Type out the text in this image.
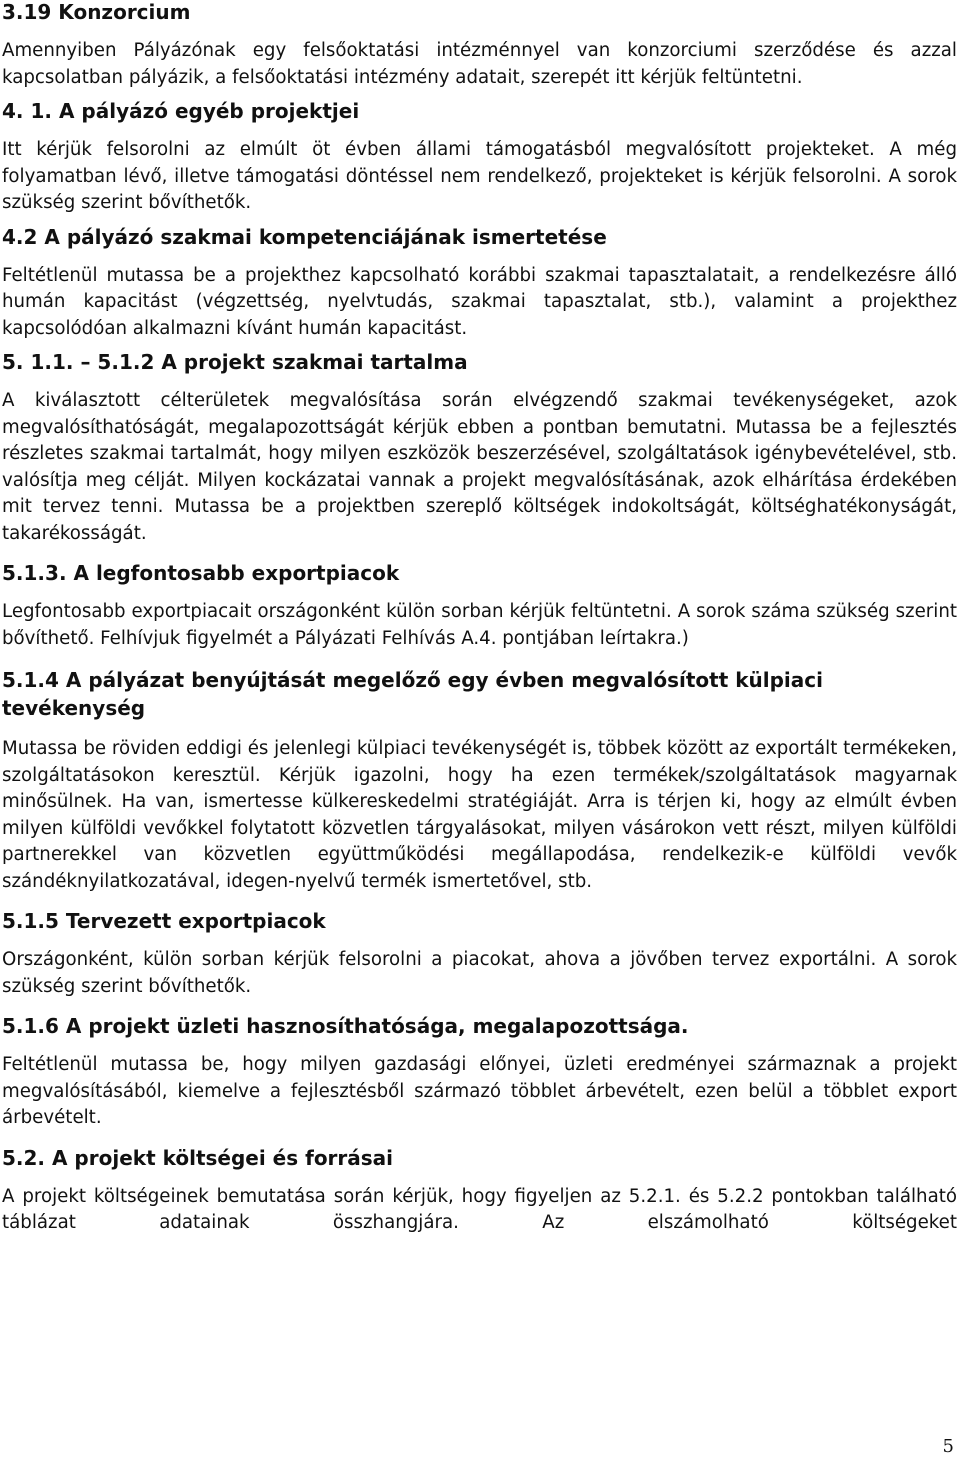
3.19 Konzorcium

Amennyiben Pályázónak egy felsőoktatási intézménnyel van konzorciumi szerződése és azzal kapcsolatban pályázik, a felsőoktatási intézmény adatait, szerepét itt kérjük feltüntetni.

4. 1. A pályázó egyéb projektjei

Itt kérjük felsorolni az elmúlt öt évben állami támogatásból megvalósított projekteket. A még folyamatban lévő, illetve támogatási döntéssel nem rendelkező, projekteket is kérjük felsorolni. A sorok szükség szerint bővíthetők.

4.2 A pályázó szakmai kompetenciájának ismertetése

Feltétlenül mutassa be a projekthez kapcsolható korábbi szakmai tapasztalatait, a rendelkezésre álló humán kapacitást (végzettség, nyelvtudás, szakmai tapasztalat, stb.), valamint a projekthez kapcsolódóan alkalmazni kívánt humán kapacitást.

5. 1.1. – 5.1.2 A projekt szakmai tartalma

A kiválasztott célterületek megvalósítása során elvégzendő szakmai tevékenységeket, azok megvalósíthatóságát, megalapozottságát kérjük ebben a pontban bemutatni. Mutassa be a fejlesztés részletes szakmai tartalmát, hogy milyen eszközök beszerzésével, szolgáltatások igénybevételével, stb. valósítja meg célját. Milyen kockázatai vannak a projekt megvalósításának, azok elhárítása érdekében mit tervez tenni. Mutassa be a projektben szereplő költségek indokoltságát, költséghatékonyságát, takarékosságát.

5.1.3. A legfontosabb exportpiacok

Legfontosabb exportpiacait országonként külön sorban kérjük feltüntetni. A sorok száma szükség szerint bővíthető. Felhívjuk figyelmét a Pályázati Felhívás A.4. pontjában leírtakra.)

5.1.4 A pályázat benyújtását megelőző egy évben megvalósított külpiaci tevékenység

Mutassa be röviden eddigi és jelenlegi külpiaci tevékenységét is, többek között az exportált termékeken, szolgáltatásokon keresztül. Kérjük igazolni, hogy ha ezen termékek/szolgáltatások magyarnak minősülnek. Ha van, ismertesse külkereskedelmi stratégiáját. Arra is térjen ki, hogy az elmúlt évben milyen külföldi vevőkkel folytatott közvetlen tárgyalásokat, milyen vásárokon vett részt, milyen külföldi partnerekkel van közvetlen együttműködési megállapodása, rendelkezik-e külföldi vevők szándéknyilatkozatával, idegen-nyelvű termék ismertetővel, stb.

5.1.5 Tervezett exportpiacok

Országonként, külön sorban kérjük felsorolni a piacokat, ahova a jövőben tervez exportálni. A sorok szükség szerint bővíthetők.

5.1.6 A projekt üzleti hasznosíthatósága, megalapozottsága.

Feltétlenül mutassa be, hogy milyen gazdasági előnyei, üzleti eredményei származnak a projekt megvalósításából, kiemelve a fejlesztésből származó többlet árbevételt, ezen belül a többlet export árbevételt.

5.2. A projekt költségei és forrásai

A projekt költségeinek bemutatása során kérjük, hogy figyeljen az 5.2.1. és 5.2.2 pontokban található táblázat adatainak összhangjára. Az elszámolható költségeket

5
